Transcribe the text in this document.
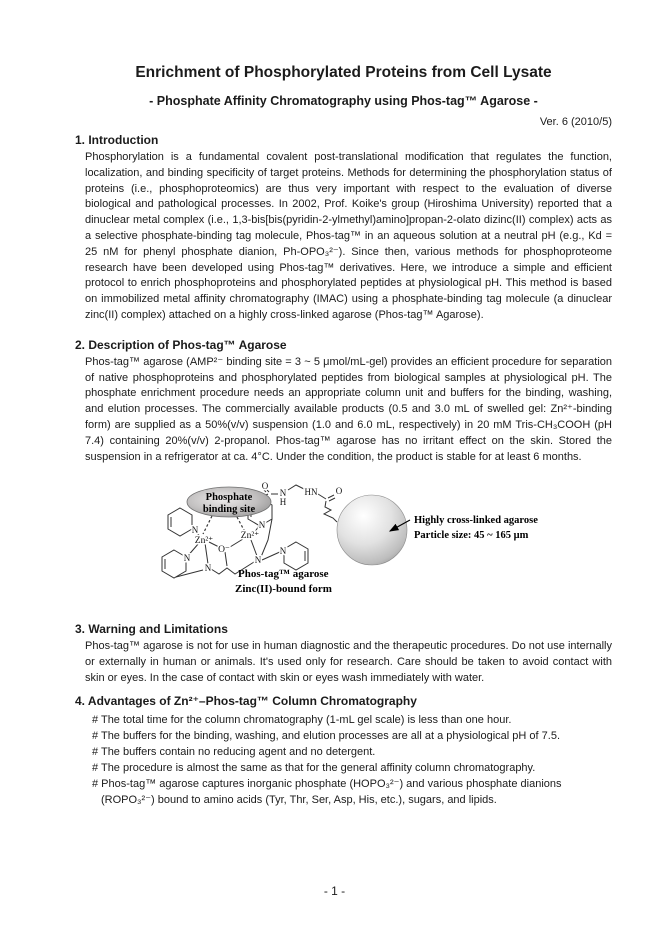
Enrichment of Phosphorylated Proteins from Cell Lysate
- Phosphate Affinity Chromatography using Phos-tag™ Agarose -
Ver. 6 (2010/5)
1. Introduction
Phosphorylation is a fundamental covalent post-translational modification that regulates the function, localization, and binding specificity of target proteins. Methods for determining the phosphorylation status of proteins (i.e., phosphoproteomics) are thus very important with respect to the evaluation of diverse biological and pathological processes. In 2002, Prof. Koike's group (Hiroshima University) reported that a dinuclear metal complex (i.e., 1,3-bis[bis(pyridin-2-ylmethyl)amino]propan-2-olato dizinc(II) complex) acts as a selective phosphate-binding tag molecule, Phos-tag™ in an aqueous solution at a neutral pH (e.g., Kd = 25 nM for phenyl phosphate dianion, Ph-OPO₃²⁻). Since then, various methods for phosphoproteome research have been developed using Phos-tag™ derivatives. Here, we introduce a simple and efficient protocol to enrich phosphoproteins and phosphorylated peptides at physiological pH. This method is based on immobilized metal affinity chromatography (IMAC) using a phosphate-binding tag molecule (a dinuclear zinc(II) complex) attached on a highly cross-linked agarose (Phos-tag™ Agarose).
2. Description of Phos-tag™ Agarose
Phos-tag™ agarose (AMP²⁻ binding site = 3 ~ 5 μmol/mL-gel) provides an efficient procedure for separation of native phosphoproteins and phosphorylated peptides from biological samples at physiological pH. The phosphate enrichment procedure needs an appropriate column unit and buffers for the binding, washing, and elution processes. The commercially available products (0.5 and 3.0 mL of swelled gel: Zn²⁺-binding form) are supplied as a 50%(v/v) suspension (1.0 and 6.0 mL, respectively) in 20 mM Tris-CH₃COOH (pH 7.4) containing 20%(v/v) 2-propanol. Phos-tag™ agarose has no irritant effect on the skin. Stored the suspension in a refrigerator at ca. 4°C. Under the condition, the product is stable for at least 6 months.
Phosphate
binding site
Zn²⁺	Zn²⁺
O⁻
N
N
N
N
N
N
O
N
H
HN O
Phos-tag™ agarose
Zinc(II)-bound form
Highly cross-linked agarose
Particle size: 45 ~ 165 μm
3. Warning and Limitations
Phos-tag™ agarose is not for use in human diagnostic and the therapeutic procedures. Do not use internally or externally in human or animals. It's used only for research. Care should be taken to avoid contact with skin or eyes. In the case of contact with skin or eyes wash immediately with water.
4. Advantages of Zn²⁺–Phos-tag™ Column Chromatography
# The total time for the column chromatography (1-mL gel scale) is less than one hour.
# The buffers for the binding, washing, and elution processes are all at a physiological pH of 7.5.
# The buffers contain no reducing agent and no detergent.
# The procedure is almost the same as that for the general affinity column chromatography.
# Phos-tag™ agarose captures inorganic phosphate (HOPO₃²⁻) and various phosphate dianions (ROPO₃²⁻) bound to amino acids (Tyr, Thr, Ser, Asp, His, etc.), sugars, and lipids.
- 1 -
